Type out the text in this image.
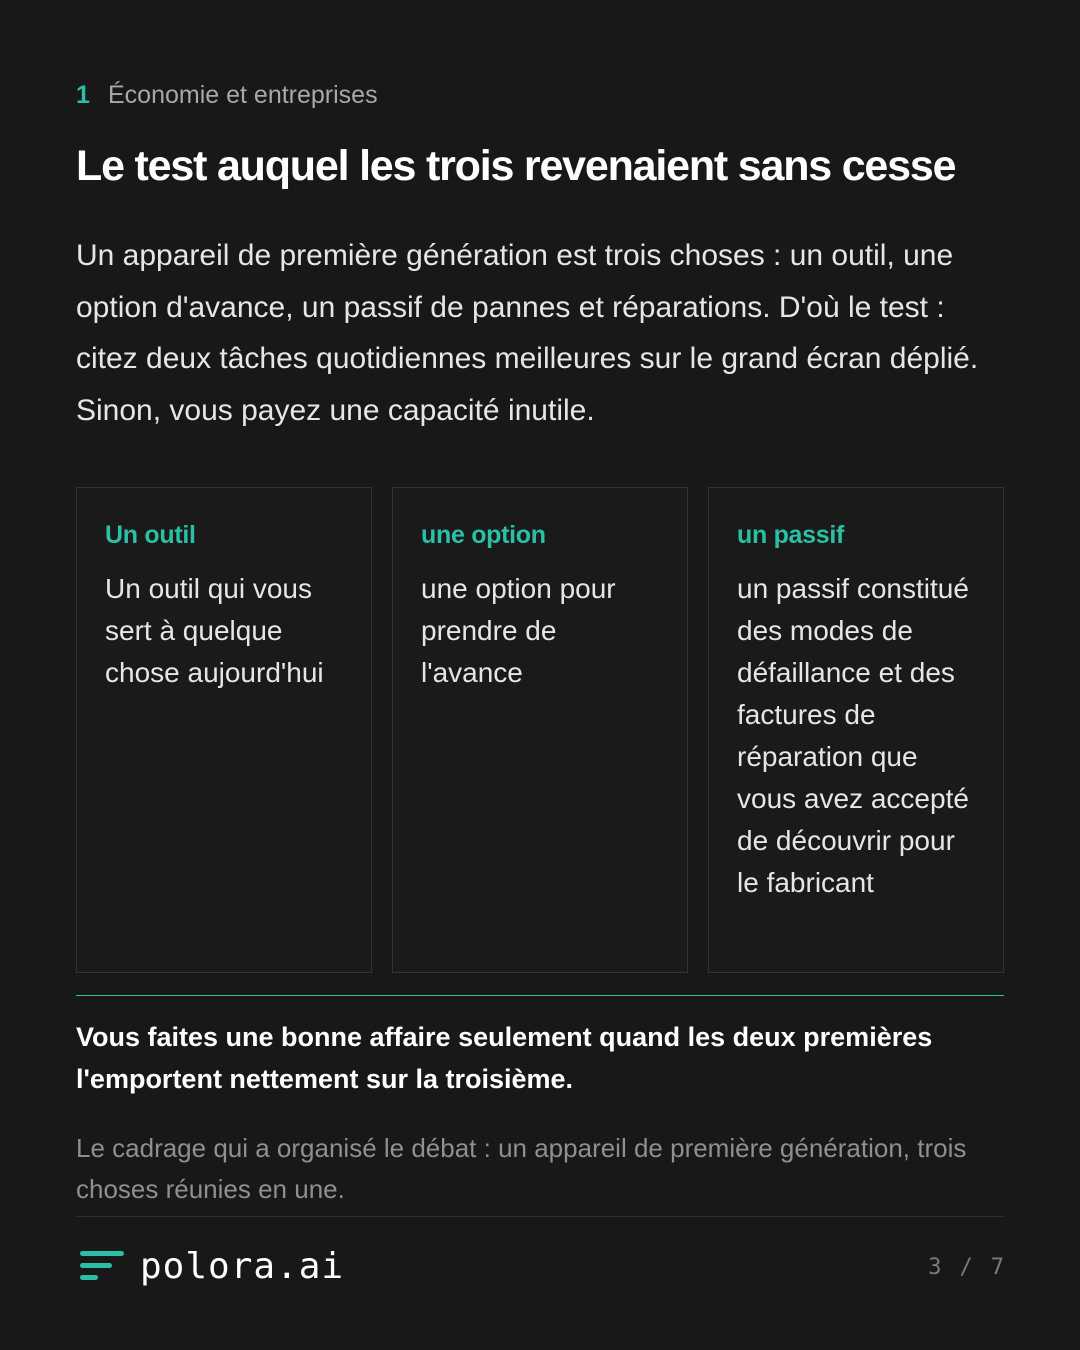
1 Économie et entreprises
Le test auquel les trois revenaient sans cesse

Un appareil de première génération est trois choses : un outil, une option d'avance, un passif de pannes et réparations. D'où le test : citez deux tâches quotidiennes meilleures sur le grand écran déplié. Sinon, vous payez une capacité inutile.

Un outil
Un outil qui vous sert à quelque chose aujourd'hui
une option
une option pour prendre de l'avance
un passif
un passif constitué des modes de défaillance et des factures de réparation que vous avez accepté de découvrir pour le fabricant

Vous faites une bonne affaire seulement quand les deux premières l'emportent nettement sur la troisième.

Le cadrage qui a organisé le débat : un appareil de première génération, trois choses réunies en une.

polora.ai	3 / 7
